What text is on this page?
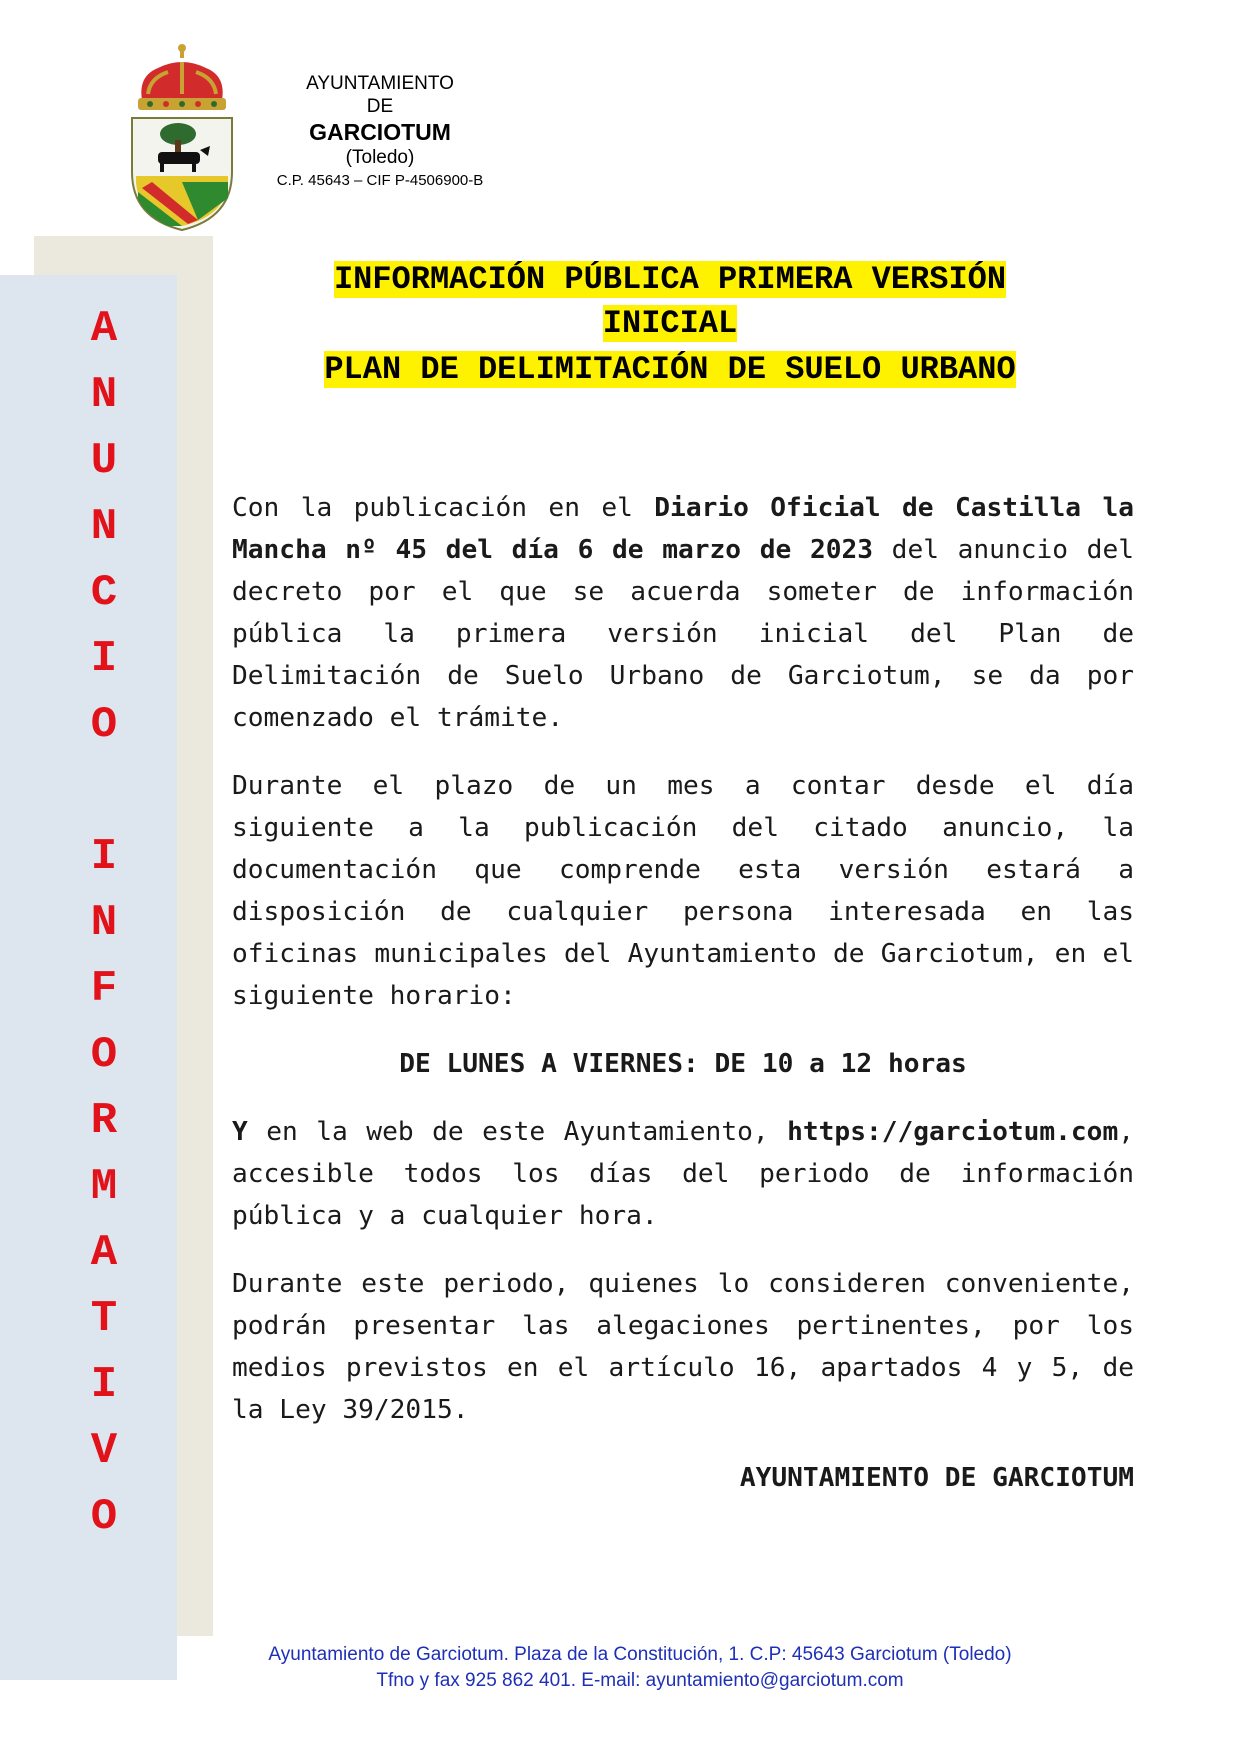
AYUNTAMIENTO
DE
GARCIOTUM
(Toledo)
C.P. 45643 – CIF P-4506900-B
A
N
U
N
C
I
O
I
N
F
O
R
M
A
T
I
V
O
INFORMACIÓN PÚBLICA PRIMERA VERSIÓN
INICIAL

PLAN DE DELIMITACIÓN DE SUELO URBANO

Con la publicación en el Diario Oficial de Castilla la Mancha nº 45 del día 6 de marzo de 2023 del anuncio del decreto por el que se acuerda someter de información pública la primera versión inicial del Plan de Delimitación de Suelo Urbano de Garciotum, se da por comenzado el trámite.

Durante el plazo de un mes a contar desde el día siguiente a la publicación del citado anuncio, la documentación que comprende esta versión estará a disposición de cualquier persona interesada en las oficinas municipales del Ayuntamiento de Garciotum, en el siguiente horario:

DE LUNES A VIERNES: DE 10 a 12 horas

Y en la web de este Ayuntamiento, https://garciotum.com, accesible todos los días del periodo de información pública y a cualquier hora.

Durante este periodo, quienes lo consideren conveniente, podrán presentar las alegaciones pertinentes, por los medios previstos en el artículo 16, apartados 4 y 5, de la Ley 39/2015.

AYUNTAMIENTO DE GARCIOTUM

Ayuntamiento de Garciotum. Plaza de la Constitución, 1. C.P: 45643 Garciotum (Toledo)
Tfno y fax 925 862 401. E-mail: ayuntamiento@garciotum.com
